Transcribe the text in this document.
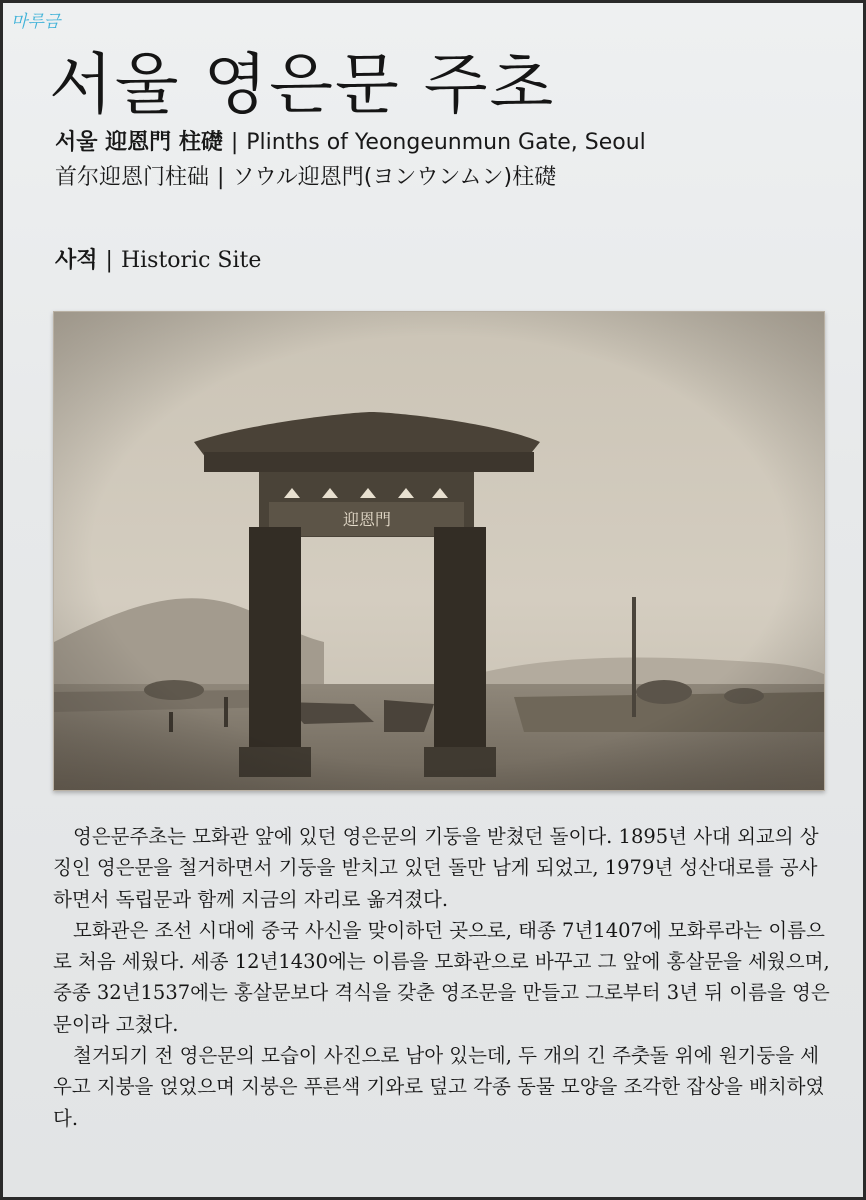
마루금
서울 영은문 주초
서울 迎恩門 柱礎 | Plinths of Yeongeunmun Gate, Seoul
首尔迎恩门柱础 | ソウル迎恩門(ヨンウンムン)柱礎
사적 | Historic Site

영은문주초는 모화관 앞에 있던 영은문의 기둥을 받쳤던 돌이다. 1895년 사대 외교의 상징인 영은문을 철거하면서 기둥을 받치고 있던 돌만 남게 되었고, 1979년 성산대로를 공사하면서 독립문과 함께 지금의 자리로 옮겨졌다.

모화관은 조선 시대에 중국 사신을 맞이하던 곳으로, 태종 7년1407에 모화루라는 이름으로 처음 세웠다. 세종 12년1430에는 이름을 모화관으로 바꾸고 그 앞에 홍살문을 세웠으며, 중종 32년1537에는 홍살문보다 격식을 갖춘 영조문을 만들고 그로부터 3년 뒤 이름을 영은문이라 고쳤다.

철거되기 전 영은문의 모습이 사진으로 남아 있는데, 두 개의 긴 주춧돌 위에 원기둥을 세우고 지붕을 얹었으며 지붕은 푸른색 기와로 덮고 각종 동물 모양을 조각한 잡상을 배치하였다.
